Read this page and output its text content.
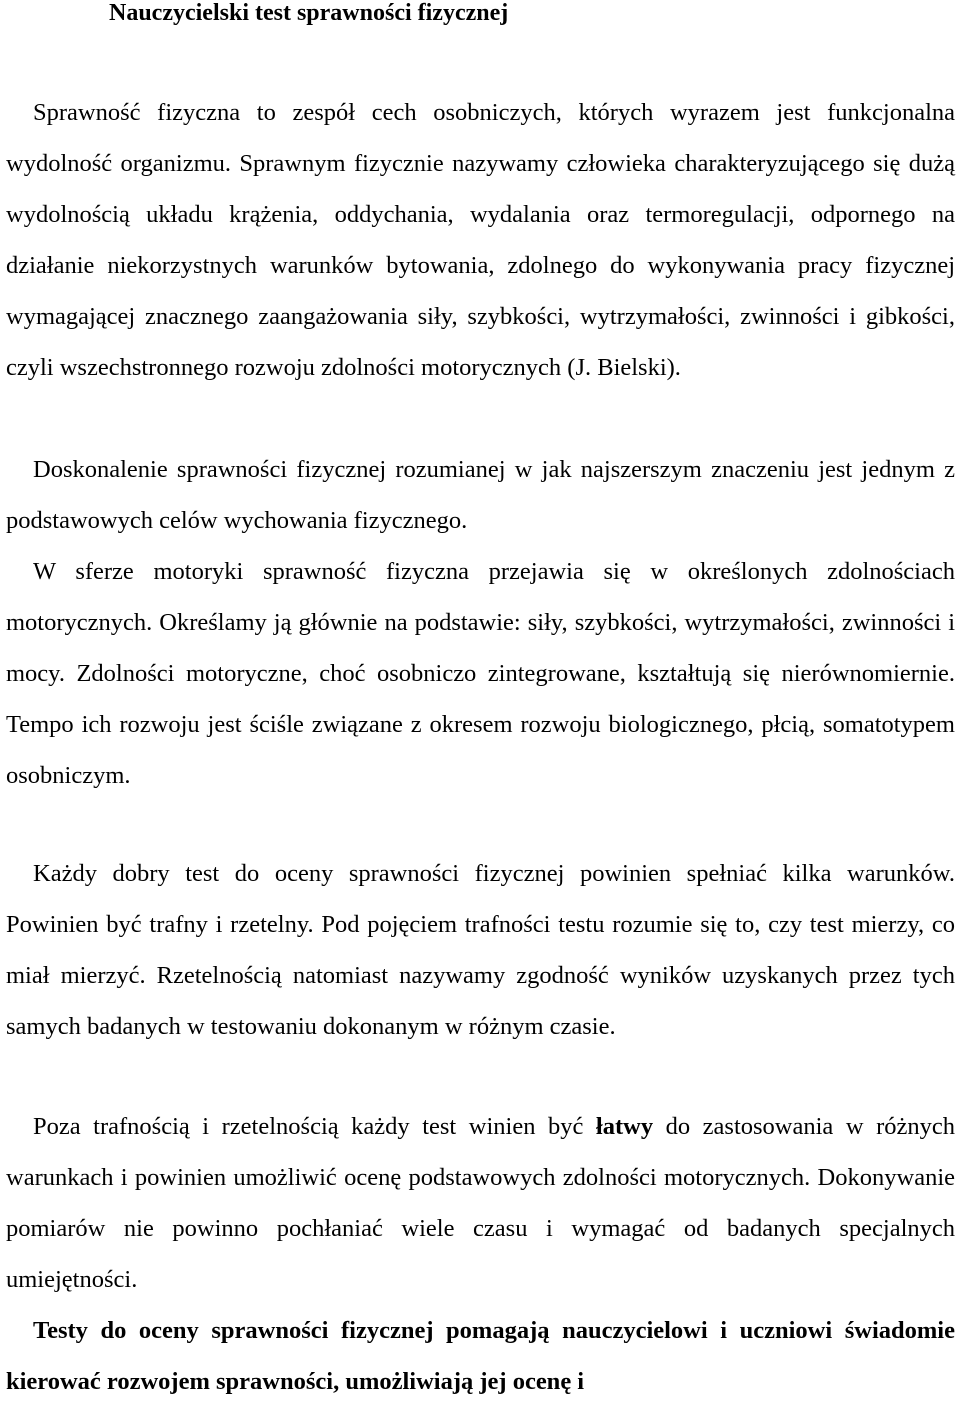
Nauczycielski test sprawności fizycznej

Sprawność fizyczna to zespół cech osobniczych, których wyrazem jest funkcjonalna wydolność organizmu. Sprawnym fizycznie nazywamy człowieka charakteryzującego się dużą wydolnością układu krążenia, oddychania, wydalania oraz termoregulacji, odpornego na działanie niekorzystnych warunków bytowania, zdolnego do wykonywania pracy fizycznej wymagającej znacznego zaangażowania siły, szybkości, wytrzymałości, zwinności i gibkości, czyli wszechstronnego rozwoju zdolności motorycznych (J. Bielski).

Doskonalenie sprawności fizycznej rozumianej w jak najszerszym znaczeniu jest jednym z podstawowych celów wychowania fizycznego.

W sferze motoryki sprawność fizyczna przejawia się w określonych zdolnościach motorycznych. Określamy ją głównie na podstawie: siły, szybkości, wytrzymałości, zwinności i mocy. Zdolności motoryczne, choć osobniczo zintegrowane, kształtują się nierównomiernie. Tempo ich rozwoju jest ściśle związane z okresem rozwoju biologicznego, płcią, somatotypem osobniczym.

Każdy dobry test do oceny sprawności fizycznej powinien spełniać kilka warunków. Powinien być trafny i rzetelny. Pod pojęciem trafności testu rozumie się to, czy test mierzy, co miał mierzyć. Rzetelnością natomiast nazywamy zgodność wyników uzyskanych przez tych samych badanych w testowaniu dokonanym w różnym czasie.

Poza trafnością i rzetelnością każdy test winien być łatwy do zastosowania w różnych warunkach i powinien umożliwić ocenę podstawowych zdolności motorycznych. Dokonywanie pomiarów nie powinno pochłaniać wiele czasu i wymagać od badanych specjalnych umiejętności.

Testy do oceny sprawności fizycznej pomagają nauczycielowi i uczniowi świadomie kierować rozwojem sprawności, umożliwiają jej ocenę i
